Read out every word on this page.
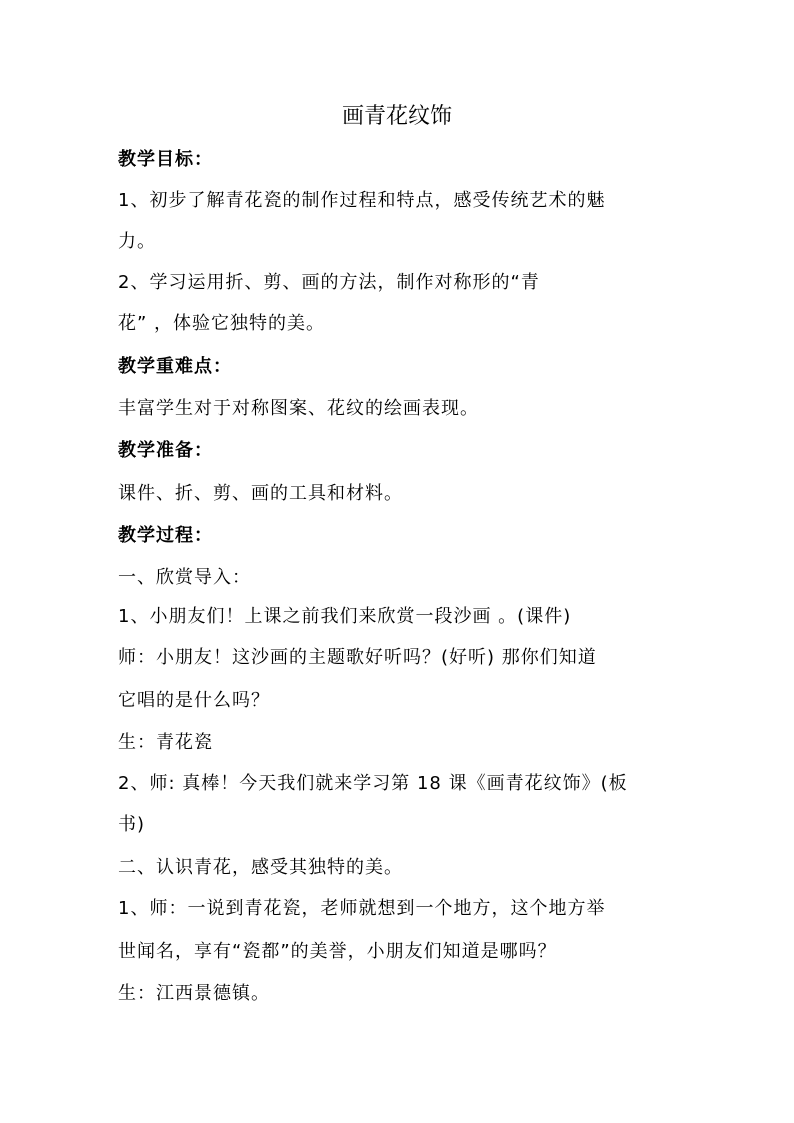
画青花纹饰
教学目标：
1、初步了解青花瓷的制作过程和特点，感受传统艺术的魅
力。
2、学习运用折、剪、画的方法，制作对称形的“青
花” ，体验它独特的美。
教学重难点：
丰富学生对于对称图案、花纹的绘画表现。
教学准备：
课件、折、剪、画的工具和材料。
教学过程：
一、欣赏导入：
1、小朋友们！上课之前我们来欣赏一段沙画 。(课件)
师：小朋友！这沙画的主题歌好听吗？(好听) 那你们知道
它唱的是什么吗？
生：青花瓷
2、师: 真棒！今天我们就来学习第 18 课《画青花纹饰》(板
书)
二、认识青花，感受其独特的美。
1、师：一说到青花瓷，老师就想到一个地方，这个地方举
世闻名，享有“瓷都”的美誉，小朋友们知道是哪吗？
生：江西景德镇。
